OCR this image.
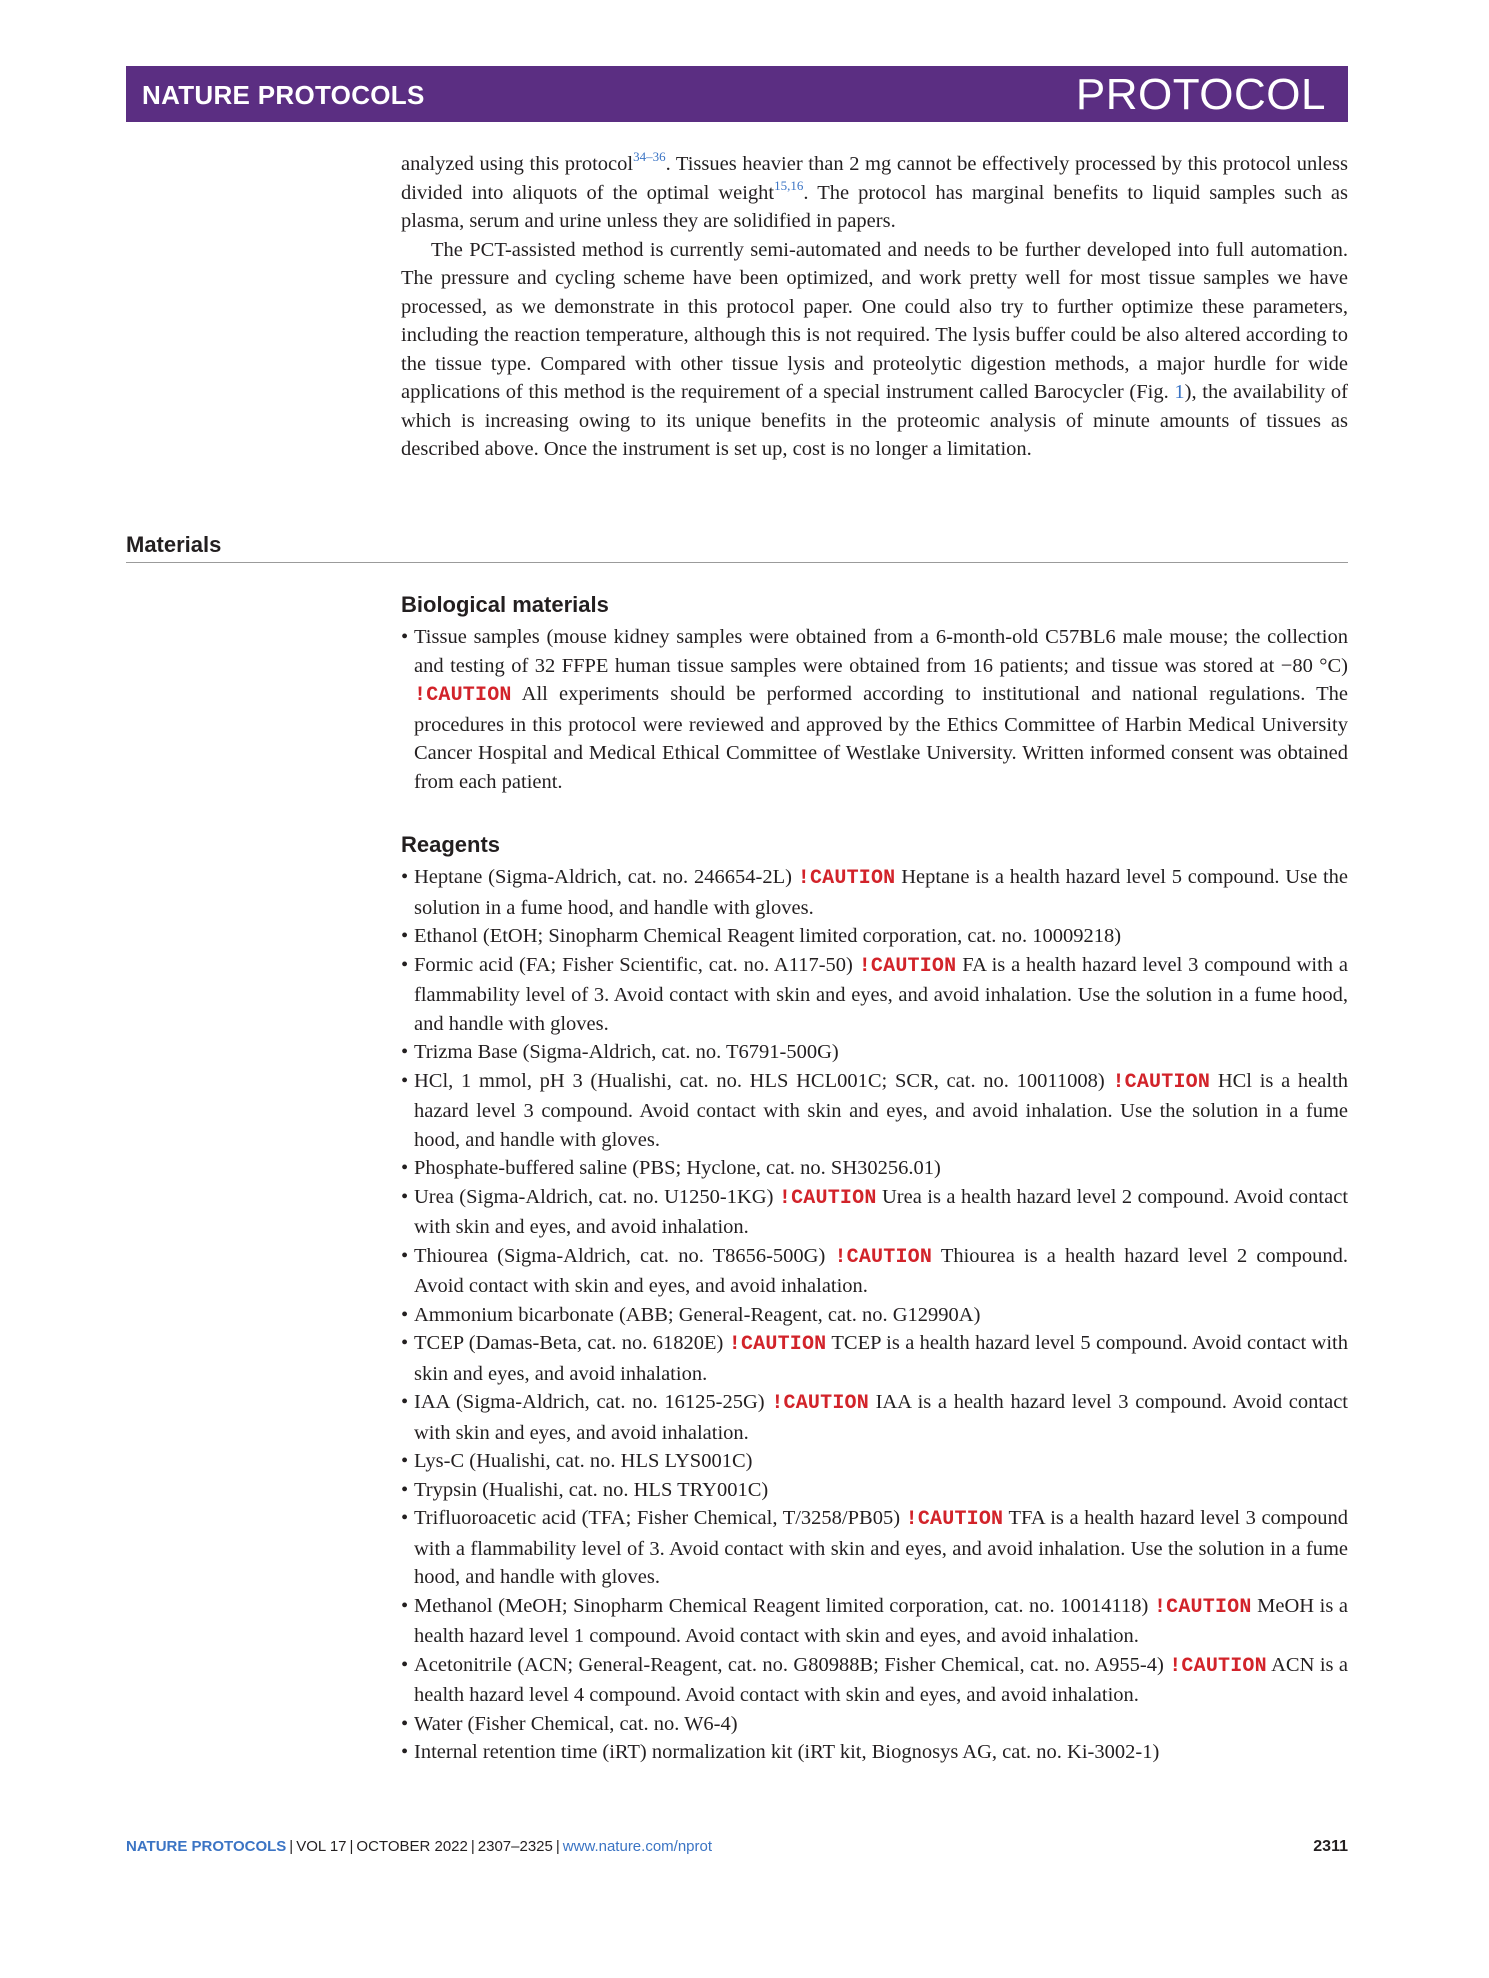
NATURE PROTOCOLS	PROTOCOL

analyzed using this protocol$^{34-36}$. Tissues heavier than 2 mg cannot be effectively processed by this protocol unless divided into aliquots of the optimal weight$^{15,16}$. The protocol has marginal benefits to liquid samples such as plasma, serum and urine unless they are solidified in papers.

The PCT-assisted method is currently semi-automated and needs to be further developed into full automation. The pressure and cycling scheme have been optimized, and work pretty well for most tissue samples we have processed, as we demonstrate in this protocol paper. One could also try to further optimize these parameters, including the reaction temperature, although this is not required. The lysis buffer could be also altered according to the tissue type. Compared with other tissue lysis and proteolytic digestion methods, a major hurdle for wide applications of this method is the requirement of a special instrument called Barocycler (Fig. 1), the availability of which is increasing owing to its unique benefits in the proteomic analysis of minute amounts of tissues as described above. Once the instrument is set up, cost is no longer a limitation.

Materials
Biological materials
• Tissue samples (mouse kidney samples were obtained from a 6-month-old C57BL6 male mouse; the collection and testing of 32 FFPE human tissue samples were obtained from 16 patients; and tissue was stored at −80 °C) !CAUTION All experiments should be performed according to institutional and national regulations. The procedures in this protocol were reviewed and approved by the Ethics Committee of Harbin Medical University Cancer Hospital and Medical Ethical Committee of Westlake University. Written informed consent was obtained from each patient.
Reagents
• Heptane (Sigma-Aldrich, cat. no. 246654-2L) !CAUTION Heptane is a health hazard level 5 compound. Use the solution in a fume hood, and handle with gloves.
• Ethanol (EtOH; Sinopharm Chemical Reagent limited corporation, cat. no. 10009218)
• Formic acid (FA; Fisher Scientific, cat. no. A117-50) !CAUTION FA is a health hazard level 3 compound with a flammability level of 3. Avoid contact with skin and eyes, and avoid inhalation. Use the solution in a fume hood, and handle with gloves.
• Trizma Base (Sigma-Aldrich, cat. no. T6791-500G)
• HCl, 1 mmol, pH 3 (Hualishi, cat. no. HLS HCL001C; SCR, cat. no. 10011008) !CAUTION HCl is a health hazard level 3 compound. Avoid contact with skin and eyes, and avoid inhalation. Use the solution in a fume hood, and handle with gloves.
• Phosphate-buffered saline (PBS; Hyclone, cat. no. SH30256.01)
• Urea (Sigma-Aldrich, cat. no. U1250-1KG) !CAUTION Urea is a health hazard level 2 compound. Avoid contact with skin and eyes, and avoid inhalation.
• Thiourea (Sigma-Aldrich, cat. no. T8656-500G) !CAUTION Thiourea is a health hazard level 2 compound. Avoid contact with skin and eyes, and avoid inhalation.
• Ammonium bicarbonate (ABB; General-Reagent, cat. no. G12990A)
• TCEP (Damas-Beta, cat. no. 61820E) !CAUTION TCEP is a health hazard level 5 compound. Avoid contact with skin and eyes, and avoid inhalation.
• IAA (Sigma-Aldrich, cat. no. 16125-25G) !CAUTION IAA is a health hazard level 3 compound. Avoid contact with skin and eyes, and avoid inhalation.
• Lys-C (Hualishi, cat. no. HLS LYS001C)
• Trypsin (Hualishi, cat. no. HLS TRY001C)
• Trifluoroacetic acid (TFA; Fisher Chemical, T/3258/PB05) !CAUTION TFA is a health hazard level 3 compound with a flammability level of 3. Avoid contact with skin and eyes, and avoid inhalation. Use the solution in a fume hood, and handle with gloves.
• Methanol (MeOH; Sinopharm Chemical Reagent limited corporation, cat. no. 10014118) !CAUTION MeOH is a health hazard level 1 compound. Avoid contact with skin and eyes, and avoid inhalation.
• Acetonitrile (ACN; General-Reagent, cat. no. G80988B; Fisher Chemical, cat. no. A955-4) !CAUTION ACN is a health hazard level 4 compound. Avoid contact with skin and eyes, and avoid inhalation.
• Water (Fisher Chemical, cat. no. W6-4)
• Internal retention time (iRT) normalization kit (iRT kit, Biognosys AG, cat. no. Ki-3002-1)
NATURE PROTOCOLS | VOL 17 | OCTOBER 2022 | 2307–2325 | www.nature.com/nprot	2311
